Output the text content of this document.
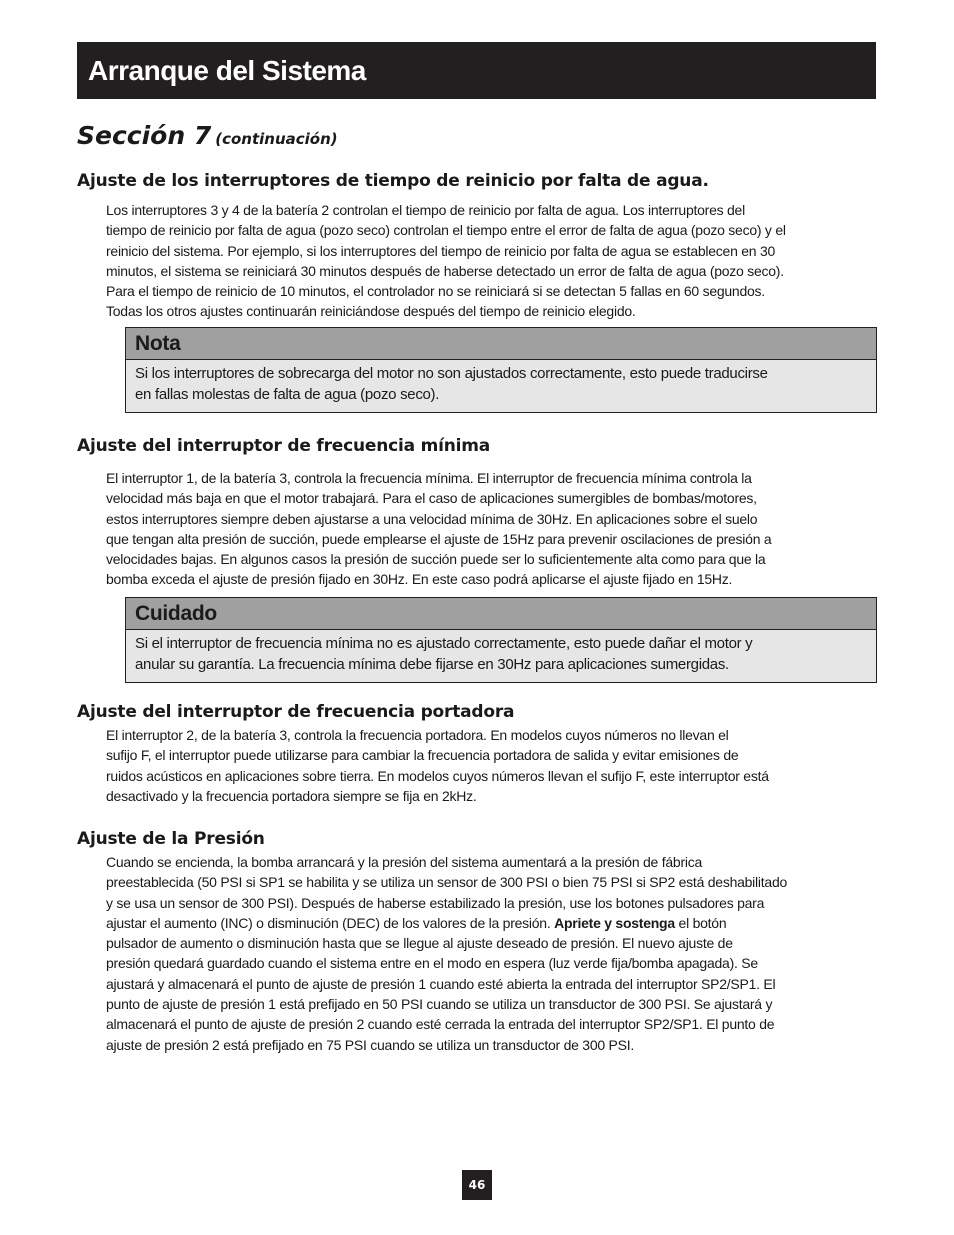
Arranque del Sistema
Sección 7 (continuación)
Ajuste de los interruptores de tiempo de reinicio por falta de agua.
Los interruptores 3 y 4 de la batería 2 controlan el tiempo de reinicio por falta de agua. Los interruptores del
tiempo de reinicio por falta de agua (pozo seco) controlan el tiempo entre el error de falta de agua (pozo seco) y el
reinicio del sistema. Por ejemplo, si los interruptores del tiempo de reinicio por falta de agua se establecen en 30
minutos, el sistema se reiniciará 30 minutos después de haberse detectado un error de falta de agua (pozo seco).
Para el tiempo de reinicio de 10 minutos, el controlador no se reiniciará si se detectan 5 fallas en 60 segundos.
Todas los otros ajustes continuarán reiniciándose después del tiempo de reinicio elegido.
Nota
Si los interruptores de sobrecarga del motor no son ajustados correctamente, esto puede traducirse
en fallas molestas de falta de agua (pozo seco).
Ajuste del interruptor de frecuencia mínima
El interruptor 1, de la batería 3, controla la frecuencia mínima. El interruptor de frecuencia mínima controla la
velocidad más baja en que el motor trabajará. Para el caso de aplicaciones sumergibles de bombas/motores,
estos interruptores siempre deben ajustarse a una velocidad mínima de 30Hz. En aplicaciones sobre el suelo
que tengan alta presión de succión, puede emplearse el ajuste de 15Hz para prevenir oscilaciones de presión a
velocidades bajas. En algunos casos la presión de succión puede ser lo suficientemente alta como para que la
bomba exceda el ajuste de presión fijado en 30Hz. En este caso podrá aplicarse el ajuste fijado en 15Hz.
Cuidado
Si el interruptor de frecuencia mínima no es ajustado correctamente, esto puede dañar el motor y
anular su garantía. La frecuencia mínima debe fijarse en 30Hz para aplicaciones sumergidas.
Ajuste del interruptor de frecuencia portadora
El interruptor 2, de la batería 3, controla la frecuencia portadora. En modelos cuyos números no llevan el
sufijo F, el interruptor puede utilizarse para cambiar la frecuencia portadora de salida y evitar emisiones de
ruidos acústicos en aplicaciones sobre tierra. En modelos cuyos números llevan el sufijo F, este interruptor está
desactivado y la frecuencia portadora siempre se fija en 2kHz.
Ajuste de la Presión
Cuando se encienda, la bomba arrancará y la presión del sistema aumentará a la presión de fábrica
preestablecida (50 PSI si SP1 se habilita y se utiliza un sensor de 300 PSI o bien 75 PSI si SP2 está deshabilitado
y se usa un sensor de 300 PSI). Después de haberse estabilizado la presión, use los botones pulsadores para
ajustar el aumento (INC) o disminución (DEC) de los valores de la presión. Apriete y sostenga el botón
pulsador de aumento o disminución hasta que se llegue al ajuste deseado de presión. El nuevo ajuste de
presión quedará guardado cuando el sistema entre en el modo en espera (luz verde fija/bomba apagada). Se
ajustará y almacenará el punto de ajuste de presión 1 cuando esté abierta la entrada del interruptor SP2/SP1. El
punto de ajuste de presión 1 está prefijado en 50 PSI cuando se utiliza un transductor de 300 PSI. Se ajustará y
almacenará el punto de ajuste de presión 2 cuando esté cerrada la entrada del interruptor SP2/SP1. El punto de
ajuste de presión 2 está prefijado en 75 PSI cuando se utiliza un transductor de 300 PSI.
46
